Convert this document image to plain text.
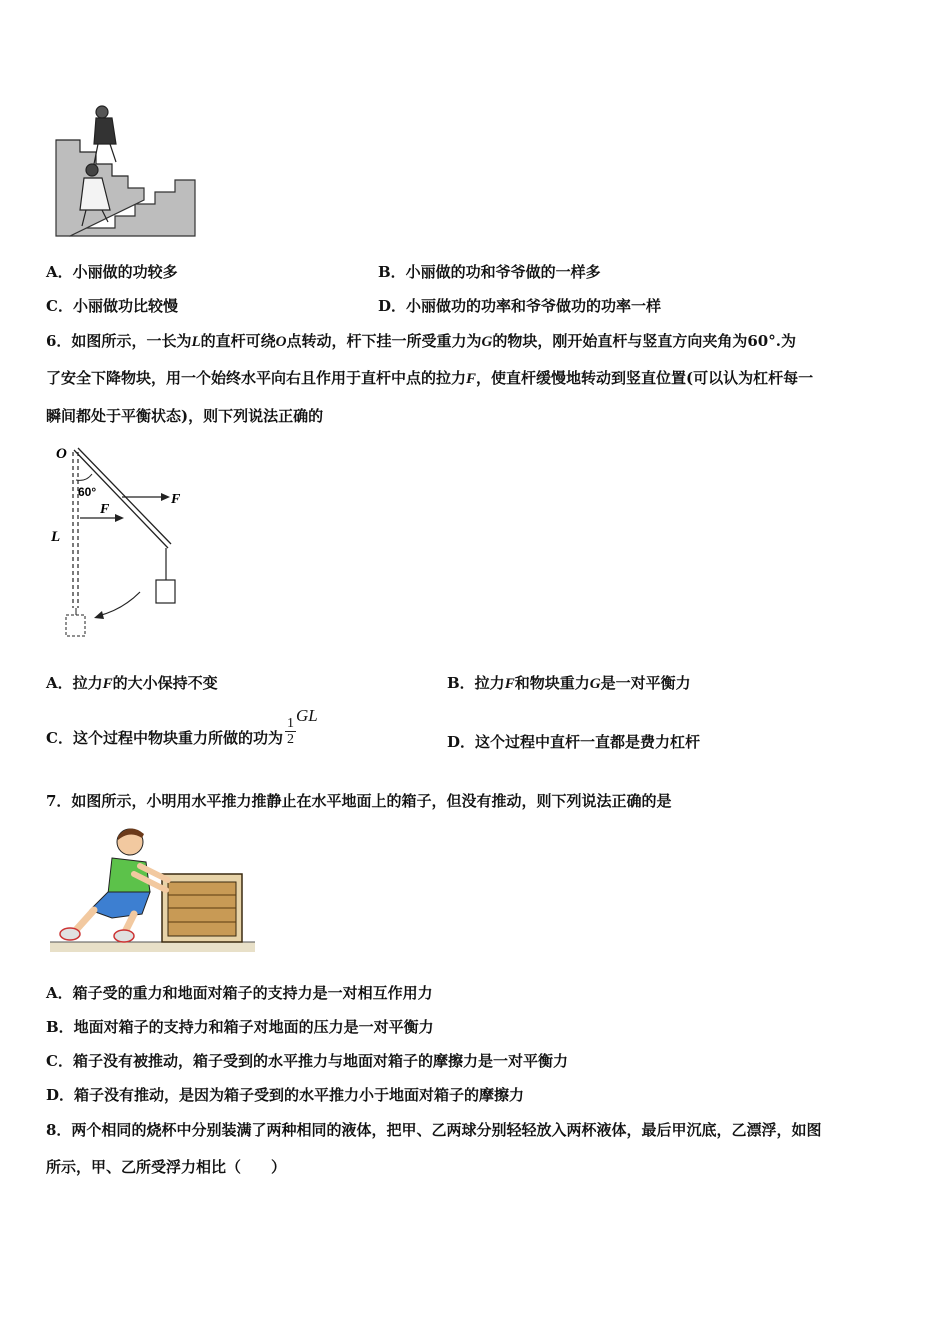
A．小丽做的功较多	B．小丽做的功和爷爷做的一样多
C．小丽做功比较慢	D．小丽做功的功率和爷爷做功的功率一样
6．如图所示，一长为L的直杆可绕O点转动，杆下挂一所受重力为G的物块，刚开始直杆与竖直方向夹角为60°.为
了安全下降物块，用一个始终水平向右且作用于直杆中点的拉力F，使直杆缓慢地转动到竖直位置(可以认为杠杆每一
瞬间都处于平衡状态)，则下列说法正确的
O
60°	F
F
L
A．拉力F的大小保持不变	B．拉力F和物块重力G是一对平衡力
C．这个过程中物块重力所做的功为 $\frac{1}{2}$ GL
D．这个过程中直杆一直都是费力杠杆
7．如图所示，小明用水平推力推静止在水平地面上的箱子，但没有推动，则下列说法正确的是
A．箱子受的重力和地面对箱子的支持力是一对相互作用力
B．地面对箱子的支持力和箱子对地面的压力是一对平衡力
C．箱子没有被推动，箱子受到的水平推力与地面对箱子的摩擦力是一对平衡力
D．箱子没有推动，是因为箱子受到的水平推力小于地面对箱子的摩擦力
8．两个相同的烧杯中分别装满了两种相同的液体，把甲、乙两球分别轻轻放入两杯液体，最后甲沉底，乙漂浮，如图
所示，甲、乙所受浮力相比（　　）
